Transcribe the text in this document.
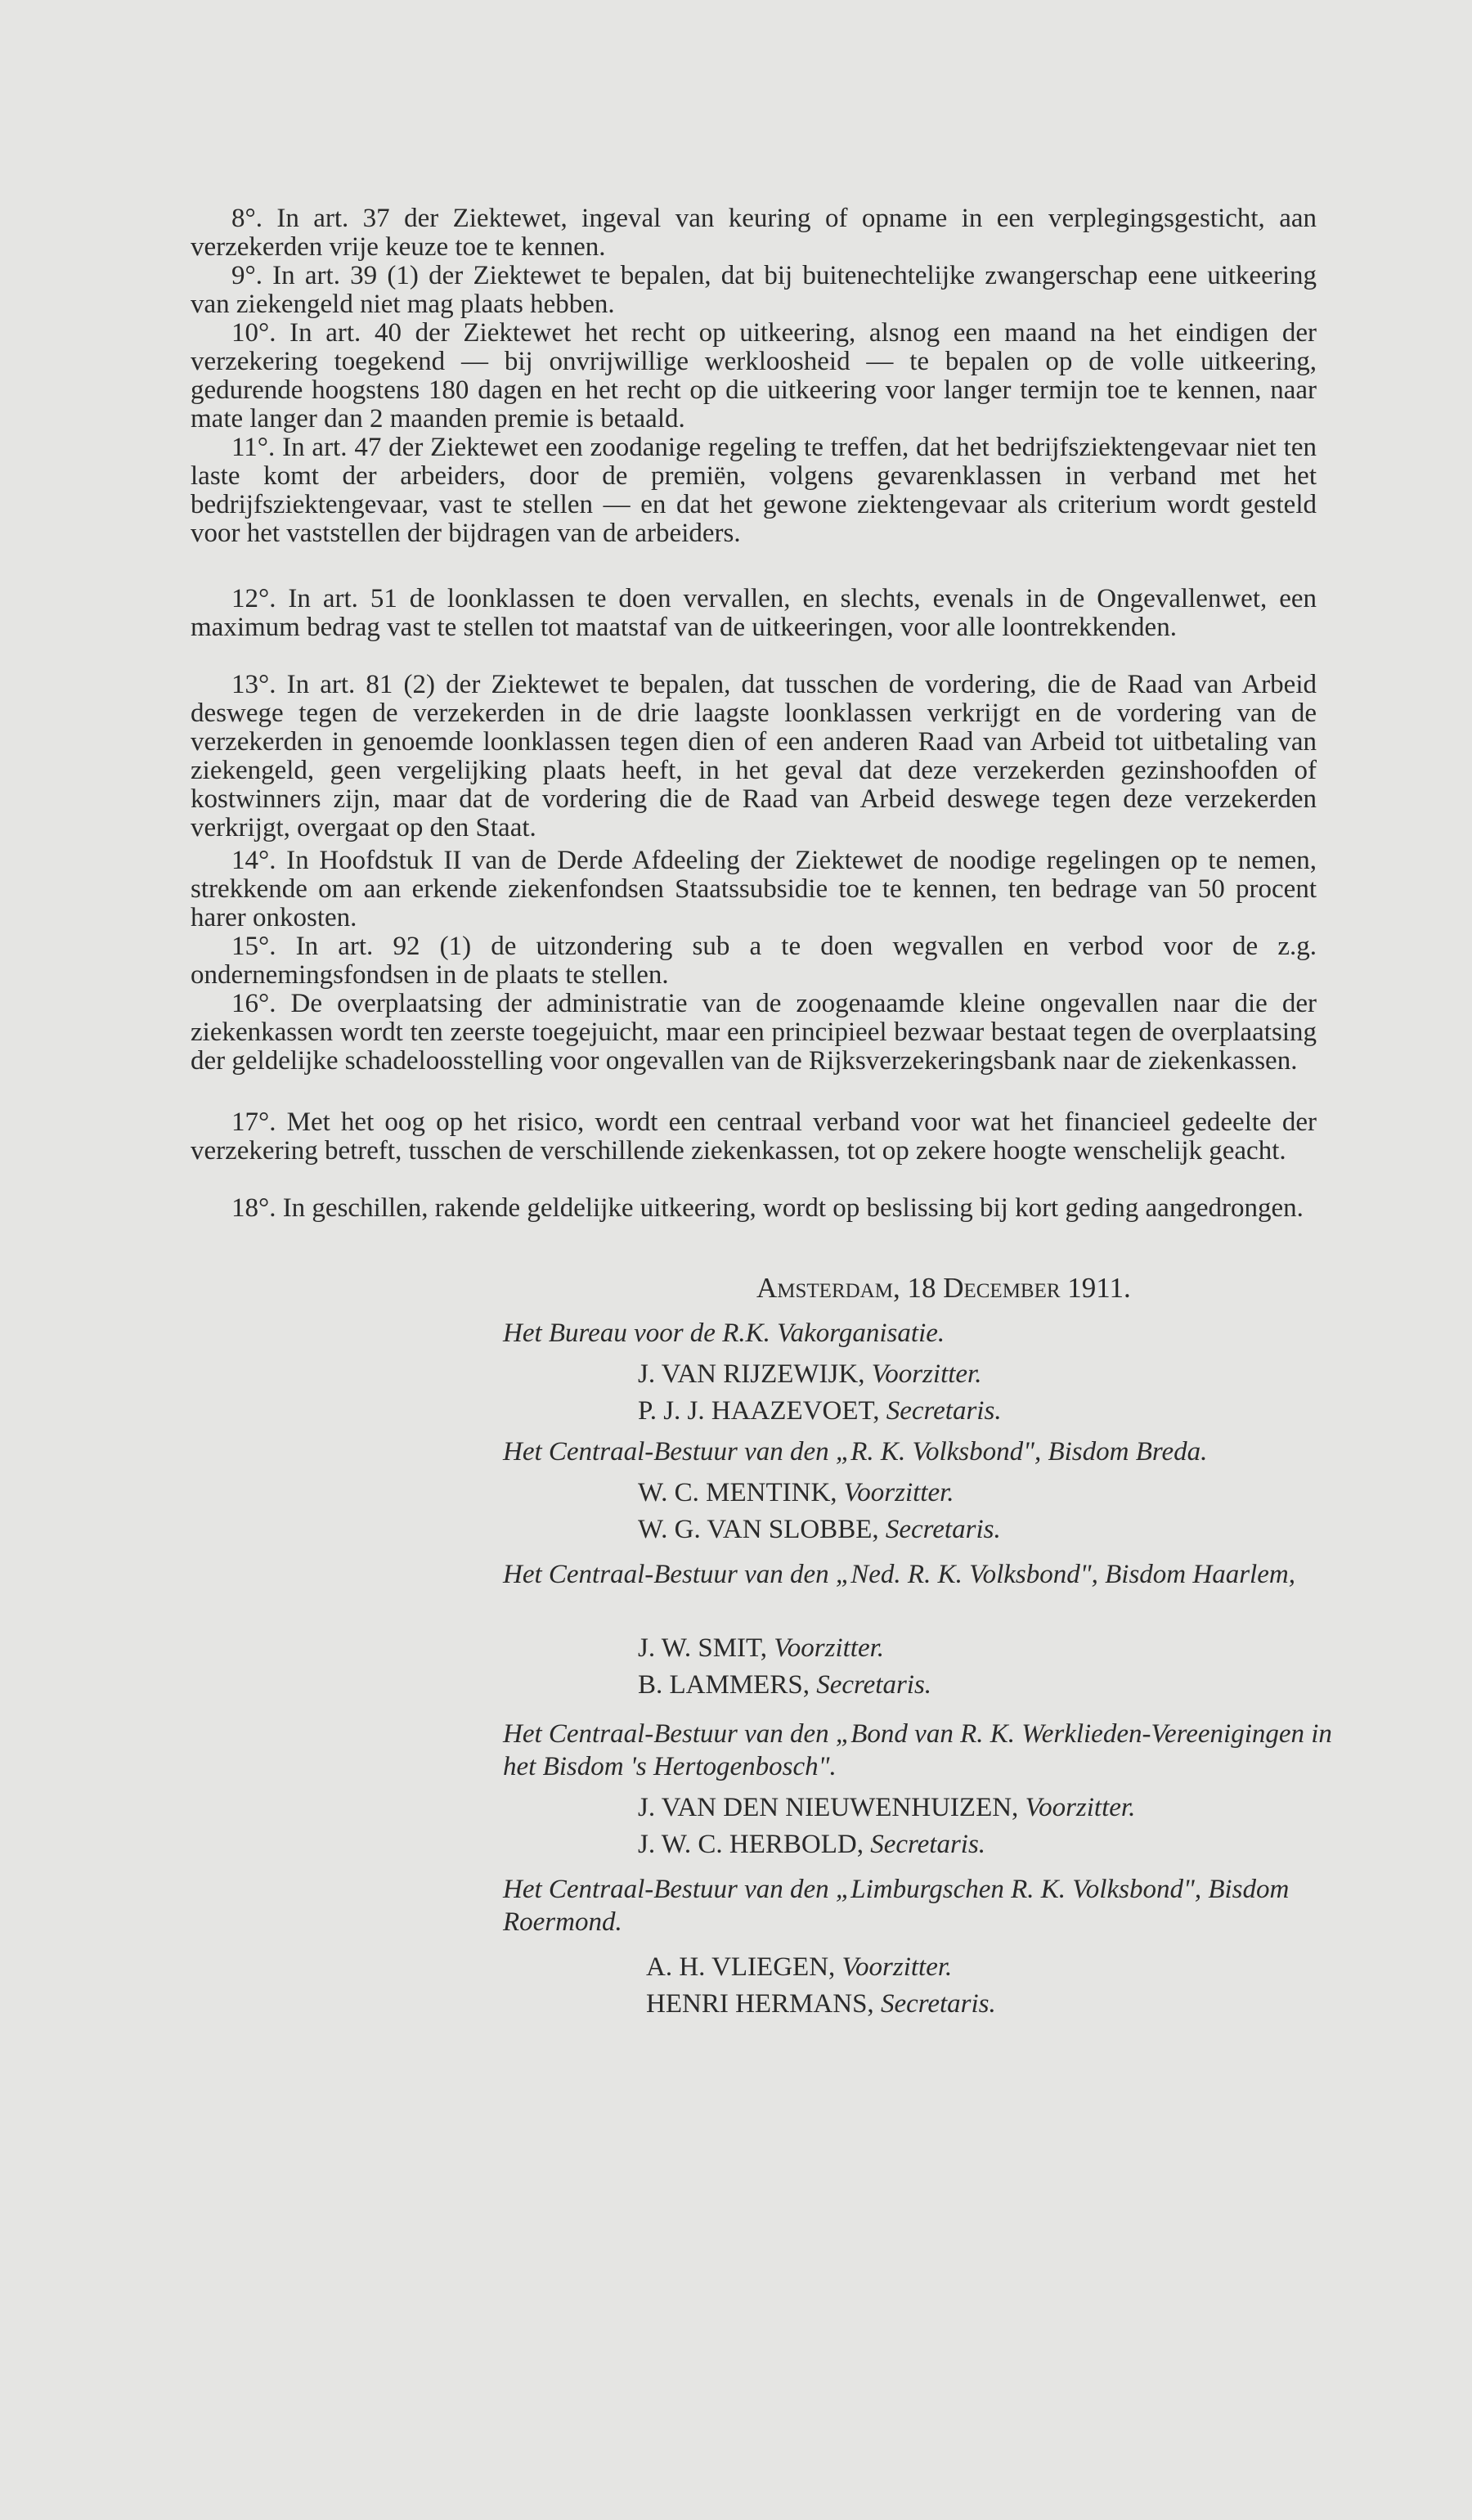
8°. In art. 37 der Ziektewet, ingeval van keuring of opname in een verplegingsgesticht, aan verzekerden vrije keuze toe te kennen.
9°. In art. 39 (1) der Ziektewet te bepalen, dat bij buitenechtelijke zwangerschap eene uitkeering van ziekengeld niet mag plaats hebben.
10°. In art. 40 der Ziektewet het recht op uitkeering, alsnog een maand na het eindigen der verzekering toegekend — bij onvrijwillige werkloosheid — te bepalen op de volle uitkeering, gedurende hoogstens 180 dagen en het recht op die uitkeering voor langer termijn toe te kennen, naar mate langer dan 2 maanden premie is betaald.
11°. In art. 47 der Ziektewet een zoodanige regeling te treffen, dat het bedrijfsziektengevaar niet ten laste komt der arbeiders, door de premiën, volgens gevarenklassen in verband met het bedrijfsziektengevaar, vast te stellen — en dat het gewone ziektengevaar als criterium wordt gesteld voor het vaststellen der bijdragen van de arbeiders.
12°. In art. 51 de loonklassen te doen vervallen, en slechts, evenals in de Ongevallenwet, een maximum bedrag vast te stellen tot maatstaf van de uitkeeringen, voor alle loontrekkenden.
13°. In art. 81 (2) der Ziektewet te bepalen, dat tusschen de vordering, die de Raad van Arbeid deswege tegen de verzekerden in de drie laagste loonklassen verkrijgt en de vordering van de verzekerden in genoemde loonklassen tegen dien of een anderen Raad van Arbeid tot uitbetaling van ziekengeld, geen vergelijking plaats heeft, in het geval dat deze verzekerden gezinshoofden of kostwinners zijn, maar dat de vordering die de Raad van Arbeid deswege tegen deze verzekerden verkrijgt, overgaat op den Staat.
14°. In Hoofdstuk II van de Derde Afdeeling der Ziektewet de noodige regelingen op te nemen, strekkende om aan erkende ziekenfondsen Staatssubsidie toe te kennen, ten bedrage van 50 procent harer onkosten.
15°. In art. 92 (1) de uitzondering sub a te doen wegvallen en verbod voor de z.g. ondernemingsfondsen in de plaats te stellen.
16°. De overplaatsing der administratie van de zoogenaamde kleine ongevallen naar die der ziekenkassen wordt ten zeerste toegejuicht, maar een principieel bezwaar bestaat tegen de overplaatsing der geldelijke schadeloosstelling voor ongevallen van de Rijksverzekeringsbank naar de ziekenkassen.
17°. Met het oog op het risico, wordt een centraal verband voor wat het financieel gedeelte der verzekering betreft, tusschen de verschillende ziekenkassen, tot op zekere hoogte wenschelijk geacht.
18°. In geschillen, rakende geldelijke uitkeering, wordt op beslissing bij kort geding aangedrongen.
Amsterdam, 18 December 1911.
Het Bureau voor de R.K. Vakorganisatie.
J. VAN RIJZEWIJK, Voorzitter.
P. J. J. HAAZEVOET, Secretaris.
Het Centraal-Bestuur van den „R. K. Volksbond", Bisdom Breda.
W. C. MENTINK, Voorzitter.
W. G. VAN SLOBBE, Secretaris.
Het Centraal-Bestuur van den „Ned. R. K. Volksbond", Bisdom Haarlem,
J. W. SMIT, Voorzitter.
B. LAMMERS, Secretaris.
Het Centraal-Bestuur van den „Bond van R. K. Werklieden-Vereenigingen in het Bisdom 's Hertogenbosch".
J. VAN DEN NIEUWENHUIZEN, Voorzitter.
J. W. C. HERBOLD, Secretaris.
Het Centraal-Bestuur van den „Limburgschen R. K. Volksbond", Bisdom Roermond.
A. H. VLIEGEN, Voorzitter.
HENRI HERMANS, Secretaris.
